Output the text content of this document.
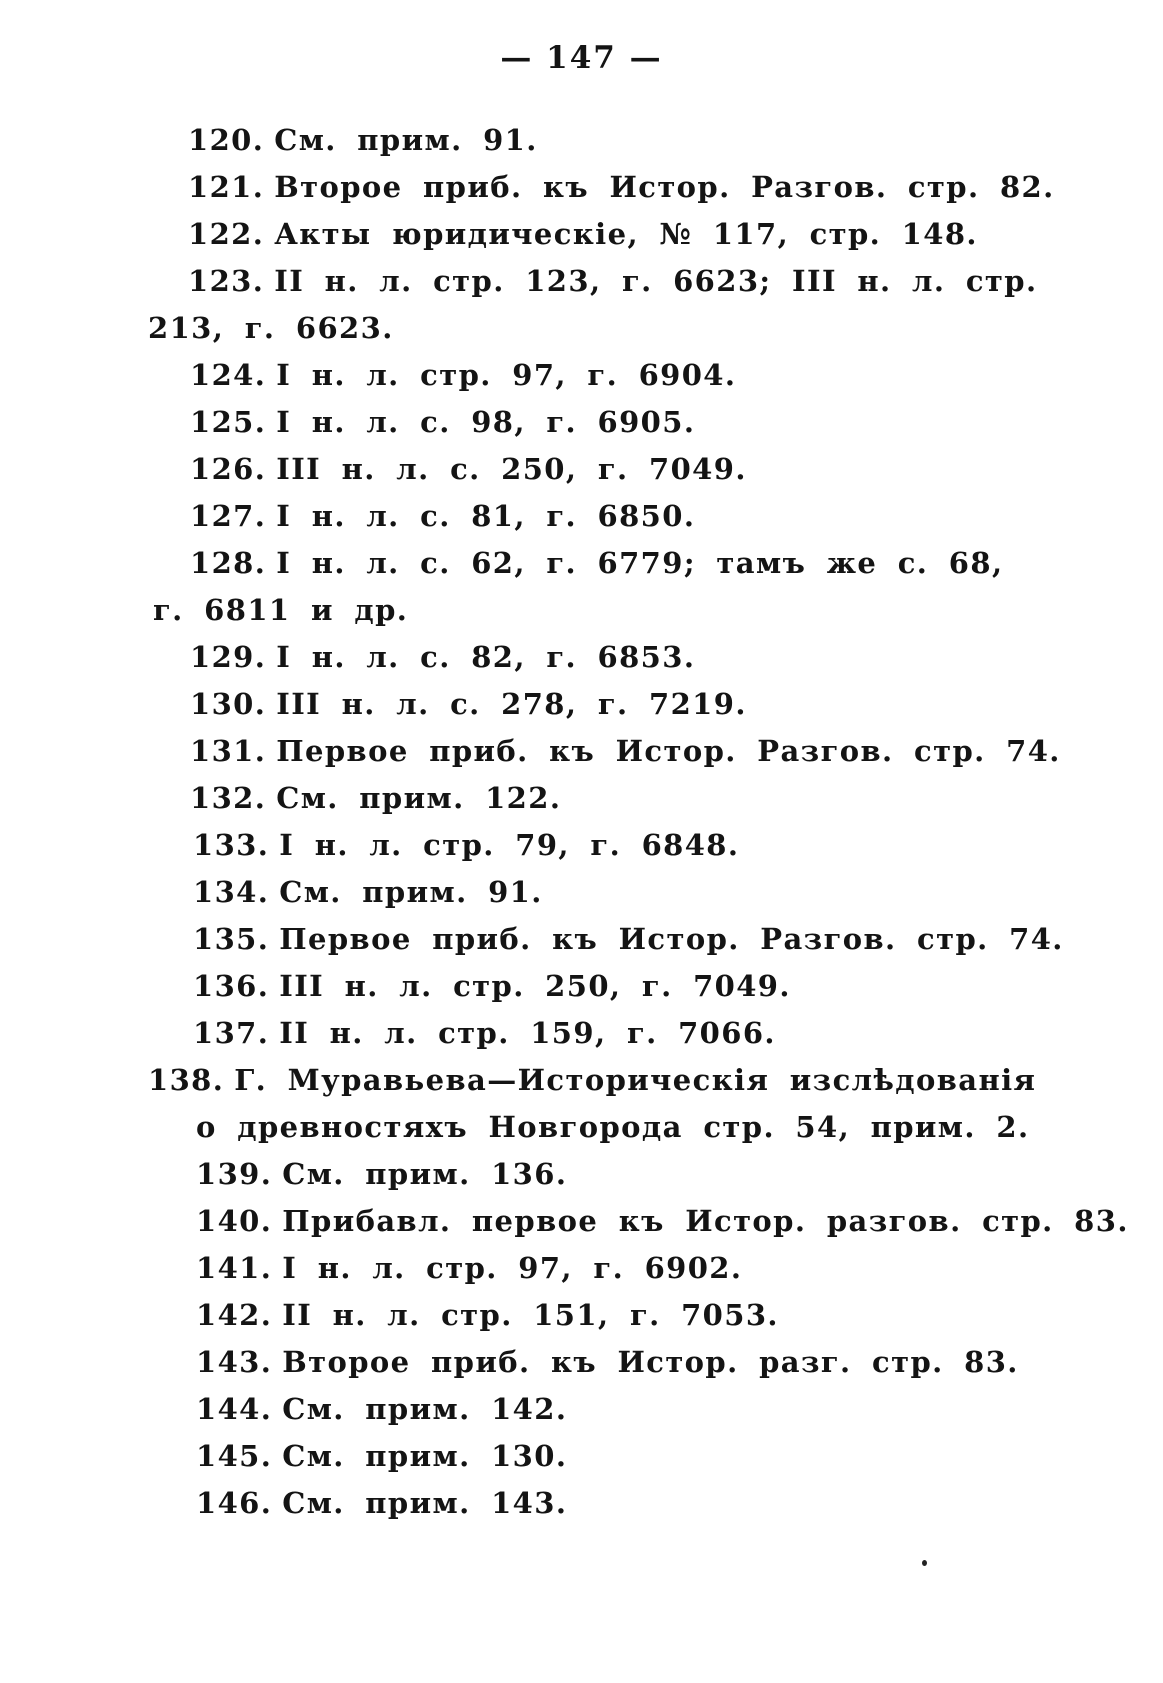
— 147 —
120. См. прим. 91.
121. Второе приб. къ Истор. Разгов. стр. 82.
122. Акты юридическіе, № 117, стр. 148.
123. II н. л. стр. 123, г. 6623; III н. л. стр.
213, г. 6623.
124. I н. л. стр. 97, г. 6904.
125. I н. л. с. 98, г. 6905.
126. III н. л. с. 250, г. 7049.
127. I н. л. с. 81, г. 6850.
128. I н. л. с. 62, г. 6779; тамъ же с. 68,
г. 6811 и др.
129. I н. л. с. 82, г. 6853.
130. III н. л. с. 278, г. 7219.
131. Первое приб. къ Истор. Разгов. стр. 74.
132. См. прим. 122.
133. I н. л. стр. 79, г. 6848.
134. См. прим. 91.
135. Первое приб. къ Истор. Разгов. стр. 74.
136. III н. л. стр. 250, г. 7049.
137. II н. л. стр. 159, г. 7066.
138. Г. Муравьева—Историческія изслѣдованія
о древностяхъ Новгорода стр. 54, прим. 2.
139. См. прим. 136.
140. Прибавл. первое къ Истор. разгов. стр. 83.
141. I н. л. стр. 97, г. 6902.
142. II н. л. стр. 151, г. 7053.
143. Второе приб. къ Истор. разг. стр. 83.
144. См. прим. 142.
145. См. прим. 130.
146. См. прим. 143.
